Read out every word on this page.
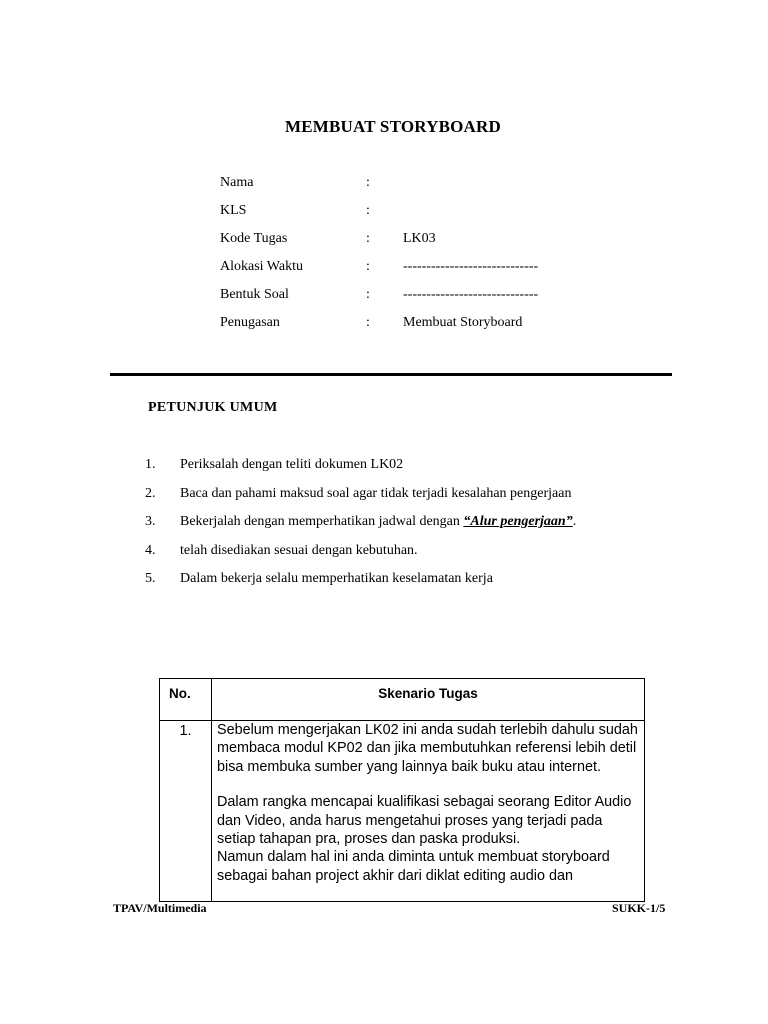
MEMBUAT STORYBOARD
Nama	:
KLS	:
Kode Tugas	: LK03
Alokasi Waktu	: -----------------------------
Bentuk Soal	: -----------------------------
Penugasan	: Membuat Storyboard
PETUNJUK UMUM
1. Periksalah dengan teliti dokumen LK02
2. Baca dan pahami maksud soal agar tidak terjadi kesalahan pengerjaan
3. Bekerjalah dengan memperhatikan jadwal dengan “Alur pengerjaan”.
4. telah disediakan sesuai dengan kebutuhan.
5. Dalam bekerja selalu memperhatikan keselamatan kerja
No.	Skenario Tugas
1.	Sebelum mengerjakan LK02 ini anda sudah terlebih dahulu sudah membaca modul KP02 dan jika membutuhkan referensi lebih detil bisa membuka sumber yang lainnya baik buku atau internet.

Dalam rangka mencapai kualifikasi sebagai seorang Editor Audio dan Video, anda harus mengetahui proses yang terjadi pada setiap tahapan pra, proses dan paska produksi.

Namun dalam hal ini anda diminta untuk membuat storyboard sebagai bahan project akhir dari diklat editing audio dan

TPAV/Multimedia	SUKK-1/5
